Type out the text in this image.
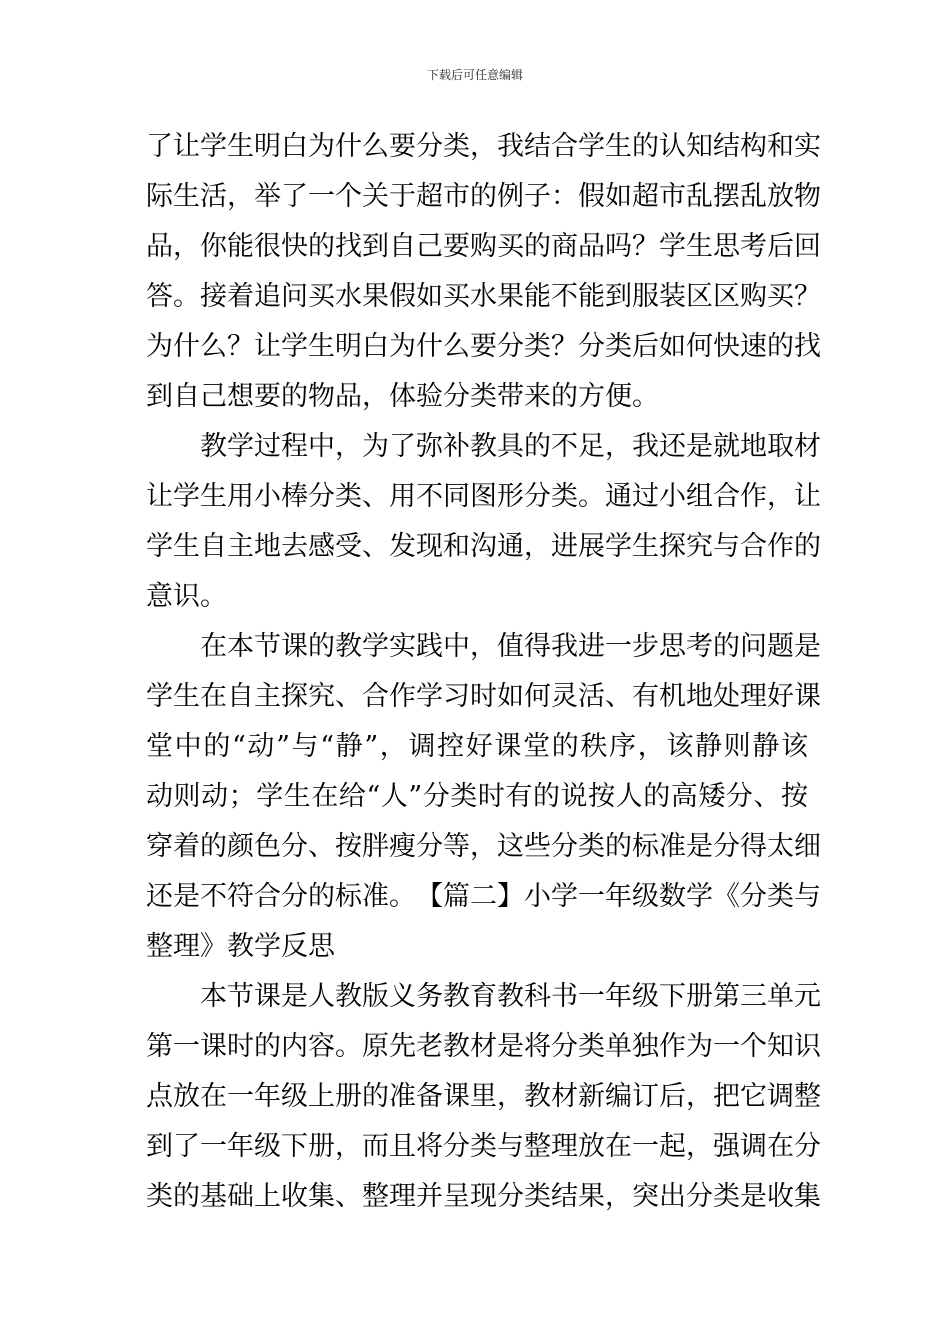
下载后可任意编辑
了让学生明白为什么要分类，我结合学生的认知结构和实
际生活，举了一个关于超市的例子：假如超市乱摆乱放物
品，你能很快的找到自己要购买的商品吗？学生思考后回
答。接着追问买水果假如买水果能不能到服装区区购买？
为什么？让学生明白为什么要分类？分类后如何快速的找
到自己想要的物品，体验分类带来的方便。
教学过程中，为了弥补教具的不足，我还是就地取材
让学生用小棒分类、用不同图形分类。通过小组合作，让
学生自主地去感受、发现和沟通，进展学生探究与合作的
意识。
在本节课的教学实践中，值得我进一步思考的问题是
学生在自主探究、合作学习时如何灵活、有机地处理好课
堂中的“动”与“静”，调控好课堂的秩序，该静则静该
动则动；学生在给“人”分类时有的说按人的高矮分、按
穿着的颜色分、按胖瘦分等，这些分类的标准是分得太细
还是不符合分的标准。　【篇二】小学一年级数学《分类与
整理》教学反思
本节课是人教版义务教育教科书一年级下册第三单元
第一课时的内容。原先老教材是将分类单独作为一个知识
点放在一年级上册的准备课里，教材新编订后，把它调整
到了一年级下册，而且将分类与整理放在一起，强调在分
类的基础上收集、整理并呈现分类结果，突出分类是收集
